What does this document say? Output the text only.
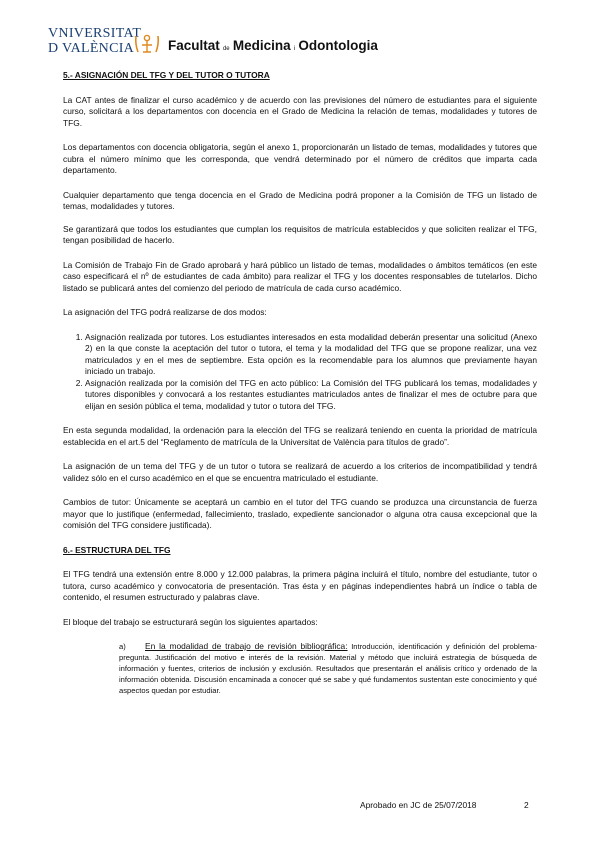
VNIVERSITAT
D VALÈNCIA	Facultat de Medicina i Odontologia

5.- ASIGNACIÓN DEL TFG Y DEL TUTOR O TUTORA

La CAT antes de finalizar el curso académico y de acuerdo con las previsiones del número de estudiantes para el siguiente curso, solicitará a los departamentos con docencia en el Grado de Medicina la relación de temas, modalidades y tutores de TFG.

Los departamentos con docencia obligatoria, según el anexo 1, proporcionarán un listado de temas, modalidades y tutores que cubra el número mínimo que les corresponda, que vendrá determinado por el número de créditos que imparta cada departamento.

Cualquier departamento que tenga docencia en el Grado de Medicina podrá proponer a la Comisión de TFG un listado de temas, modalidades y tutores.

Se garantizará que todos los estudiantes que cumplan los requisitos de matrícula establecidos y que soliciten realizar el TFG, tengan posibilidad de hacerlo.

La Comisión de Trabajo Fin de Grado aprobará y hará público un listado de temas, modalidades o ámbitos temáticos (en este caso especificará el nº de estudiantes de cada ámbito) para realizar el TFG y los docentes responsables de tutelarlos. Dicho listado se publicará antes del comienzo del periodo de matrícula de cada curso académico.

La asignación del TFG podrá realizarse de dos modos:

1. Asignación realizada por tutores. Los estudiantes interesados en esta modalidad deberán presentar una solicitud (Anexo 2) en la que conste la aceptación del tutor o tutora, el tema y la modalidad del TFG que se propone realizar, una vez matriculados y en el mes de septiembre. Esta opción es la recomendable para los alumnos que previamente hayan iniciado un trabajo.
2. Asignación realizada por la comisión del TFG en acto público: La Comisión del TFG publicará los temas, modalidades y tutores disponibles y convocará a los restantes estudiantes matriculados antes de finalizar el mes de octubre para que elijan en sesión pública el tema, modalidad y tutor o tutora del TFG.

En esta segunda modalidad, la ordenación para la elección del TFG se realizará teniendo en cuenta la prioridad de matrícula establecida en el art.5 del “Reglamento de matrícula de la Universitat de València para títulos de grado”.

La asignación de un tema del TFG y de un tutor o tutora se realizará de acuerdo a los criterios de incompatibilidad y tendrá validez sólo en el curso académico en el que se encuentra matriculado el estudiante.

Cambios de tutor: Únicamente se aceptará un cambio en el tutor del TFG cuando se produzca una circunstancia de fuerza mayor que lo justifique (enfermedad, fallecimiento, traslado, expediente sancionador o alguna otra causa excepcional que la comisión del TFG considere justificada).

6.- ESTRUCTURA DEL TFG

El TFG tendrá una extensión entre 8.000 y 12.000 palabras, la primera página incluirá el título, nombre del estudiante, tutor o tutora, curso académico y convocatoria de presentación. Tras ésta y en páginas independientes habrá un índice o tabla de contenido, el resumen estructurado y palabras clave.

El bloque del trabajo se estructurará según los siguientes apartados:

a) En la modalidad de trabajo de revisión bibliográfica: Introducción, identificación y definición del problema-pregunta. Justificación del motivo e interés de la revisión. Material y método que incluirá estrategia de búsqueda de información y fuentes, criterios de inclusión y exclusión. Resultados que presentarán el análisis crítico y ordenado de la información obtenida. Discusión encaminada a conocer qué se sabe y qué fundamentos sustentan este conocimiento y qué aspectos quedan por estudiar.

Aprobado en JC de 25/07/2018	2
